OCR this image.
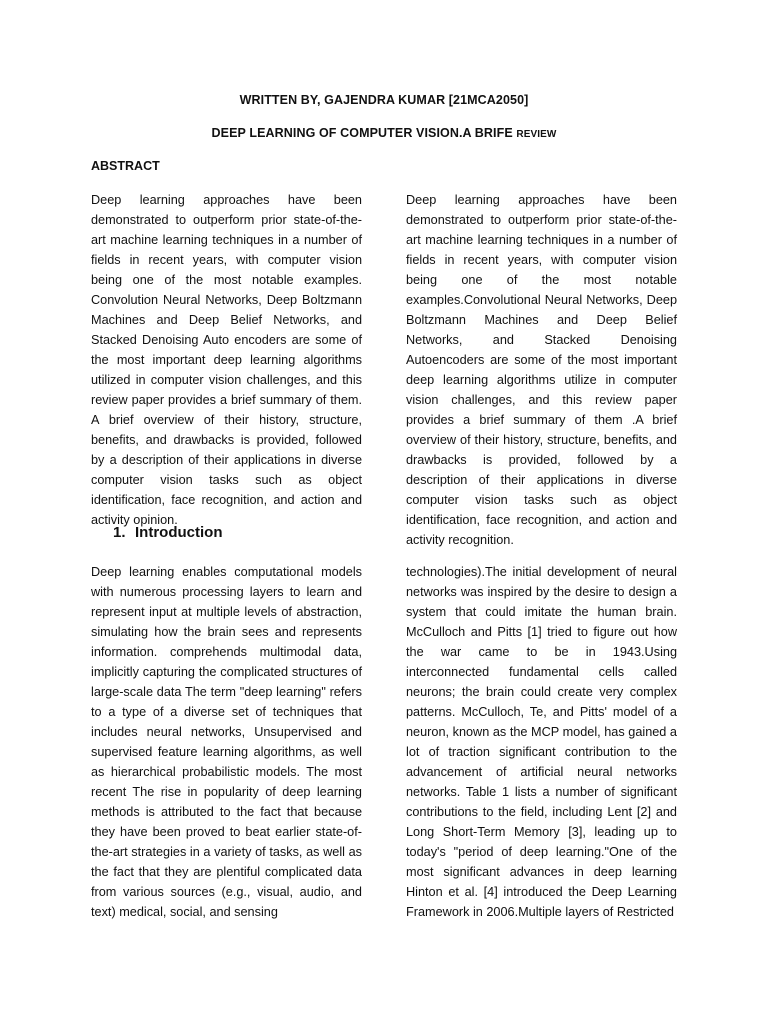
WRITTEN BY, GAJENDRA KUMAR [21MCA2050]
DEEP LEARNING OF COMPUTER VISION.A BRIFE REVIEW
ABSTRACT

Deep learning approaches have been demonstrated to outperform prior state-of-the-art machine learning techniques in a number of fields in recent years, with computer vision being one of the most notable examples. Convolution Neural Networks, Deep Boltzmann Machines and Deep Belief Networks, and Stacked Denoising Auto encoders are some of the most important deep learning algorithms utilized in computer vision challenges, and this review paper provides a brief summary of them. A brief overview of their history, structure, benefits, and drawbacks is provided, followed by a description of their applications in diverse computer vision tasks such as object identification, face recognition, and action and activity opinion.

Deep learning approaches have been demonstrated to outperform prior state-of-the-art machine learning techniques in a number of fields in recent years, with computer vision being one of the most notable examples.Convolutional Neural Networks, Deep Boltzmann Machines and Deep Belief Networks, and Stacked Denoising Autoencoders are some of the most important deep learning algorithms utilize in computer vision challenges, and this review paper provides a brief summary of them .A brief overview of their history, structure, benefits, and drawbacks is provided, followed by a description of their applications in diverse computer vision tasks such as object identification, face recognition, and action and activity recognition.

1. Introduction

Deep learning enables computational models with numerous processing layers to learn and represent input at multiple levels of abstraction, simulating how the brain sees and represents information. comprehends multimodal data, implicitly capturing the complicated structures of large-scale data The term "deep learning" refers to a type of a diverse set of techniques that includes neural networks, Unsupervised and supervised feature learning algorithms, as well as hierarchical probabilistic models. The most recent The rise in popularity of deep learning methods is attributed to the fact that because they have been proved to beat earlier state-of-the-art strategies in a variety of tasks, as well as the fact that they are plentiful complicated data from various sources (e.g., visual, audio, and text) medical, social, and sensing

technologies).The initial development of neural networks was inspired by the desire to design a system that could imitate the human brain. McCulloch and Pitts [1] tried to figure out how the war came to be in 1943.Using interconnected fundamental cells called neurons; the brain could create very complex patterns. McCulloch, Te, and Pitts' model of a neuron, known as the MCP model, has gained a lot of traction significant contribution to the advancement of artificial neural networks networks. Table 1 lists a number of significant contributions to the field, including Lent [2] and Long Short-Term Memory [3], leading up to today's "period of deep learning."One of the most significant advances in deep learning Hinton et al. [4] introduced the Deep Learning Framework in 2006.Multiple layers of Restricted
